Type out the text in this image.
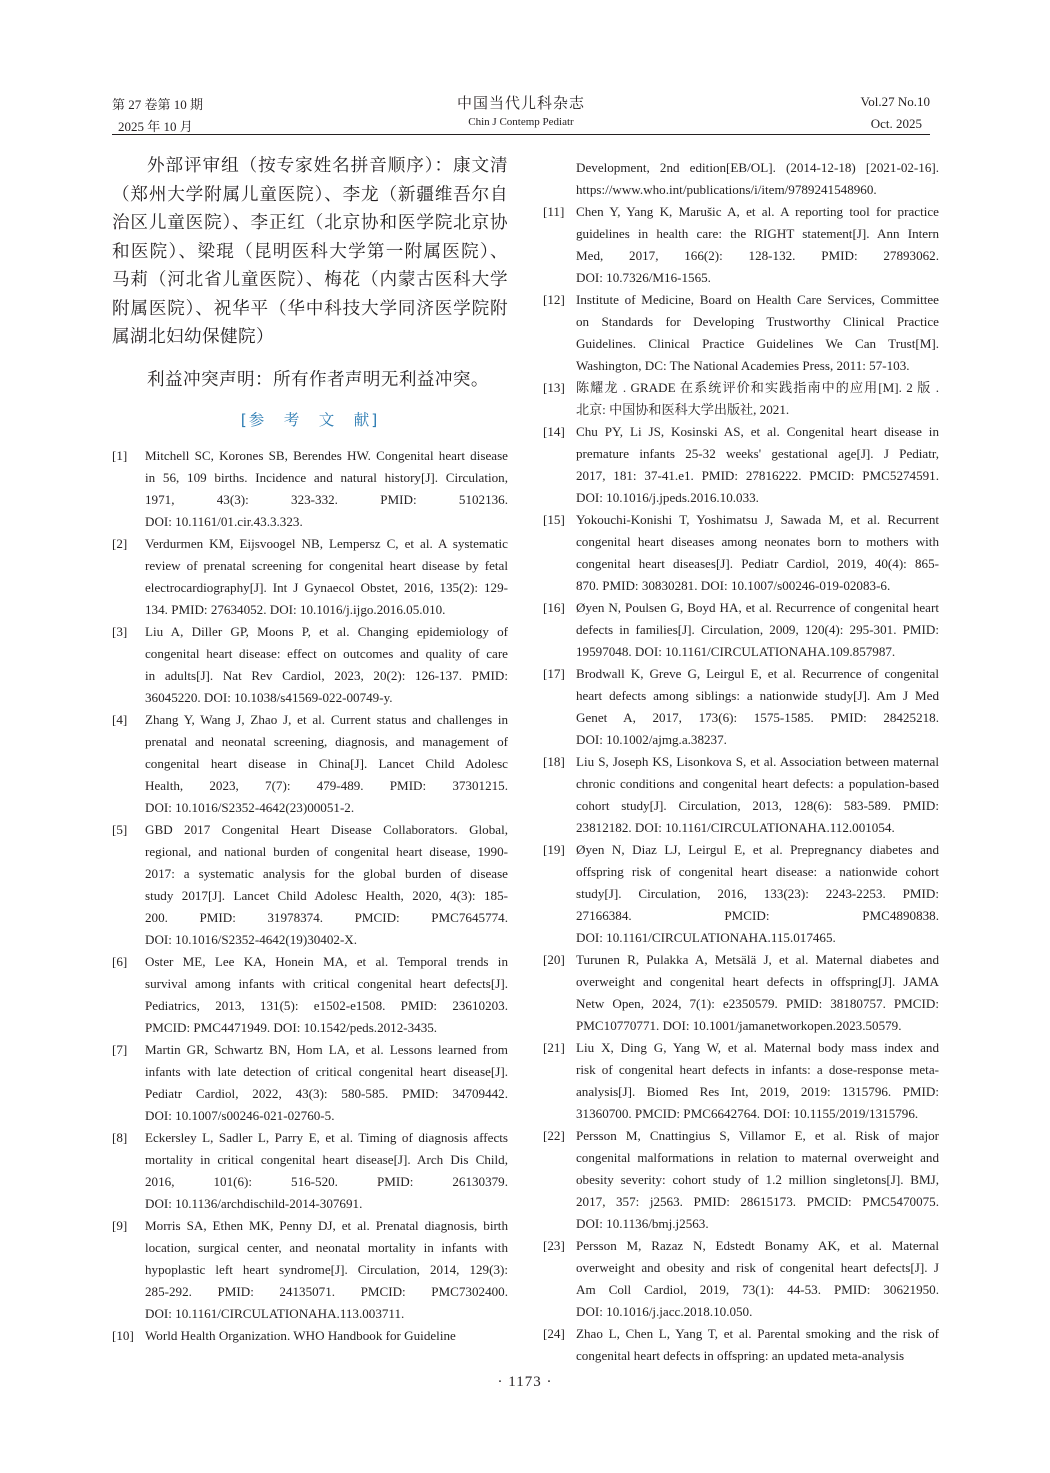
第 27 卷第 10 期
2025 年 10 月
中国当代儿科杂志
Chin J Contemp Pediatr
Vol.27 No.10
Oct. 2025

外部评审组（按专家姓名拼音顺序）：康文清（郑州大学附属儿童医院）、李龙（新疆维吾尔自治区儿童医院）、李正红（北京协和医学院北京协和医院）、梁琨（昆明医科大学第一附属医院）、马莉（河北省儿童医院）、梅花（内蒙古医科大学附属医院）、祝华平（华中科技大学同济医学院附属湖北妇幼保健院）

利益冲突声明：所有作者声明无利益冲突。

[参　考　文　献]
[1]	Mitchell SC, Korones SB, Berendes HW. Congenital heart disease
in 56, 109 births. Incidence and natural history[J]. Circulation,
1971, 43(3): 323-332. PMID: 5102136.
DOI: 10.1161/01.cir.43.3.323.
[2]	Verdurmen KM, Eijsvoogel NB, Lempersz C, et al. A systematic
review of prenatal screening for congenital heart disease by fetal
electrocardiography[J]. Int J Gynaecol Obstet, 2016, 135(2): 129-
134. PMID: 27634052. DOI: 10.1016/j.ijgo.2016.05.010.
[3]	Liu A, Diller GP, Moons P, et al. Changing epidemiology of
congenital heart disease: effect on outcomes and quality of care
in adults[J]. Nat Rev Cardiol, 2023, 20(2): 126-137. PMID:
36045220. DOI: 10.1038/s41569-022-00749-y.
[4]	Zhang Y, Wang J, Zhao J, et al. Current status and challenges in
prenatal and neonatal screening, diagnosis, and management of
congenital heart disease in China[J]. Lancet Child Adolesc
Health, 2023, 7(7): 479-489. PMID: 37301215.
DOI: 10.1016/S2352-4642(23)00051-2.
[5]	GBD 2017 Congenital Heart Disease Collaborators. Global,
regional, and national burden of congenital heart disease, 1990-
2017: a systematic analysis for the global burden of disease
study 2017[J]. Lancet Child Adolesc Health, 2020, 4(3): 185-
200. PMID: 31978374. PMCID: PMC7645774.
DOI: 10.1016/S2352-4642(19)30402-X.
[6]	Oster ME, Lee KA, Honein MA, et al. Temporal trends in
survival among infants with critical congenital heart defects[J].
Pediatrics, 2013, 131(5): e1502-e1508. PMID: 23610203.
PMCID: PMC4471949. DOI: 10.1542/peds.2012-3435.
[7]	Martin GR, Schwartz BN, Hom LA, et al. Lessons learned from
infants with late detection of critical congenital heart disease[J].
Pediatr Cardiol, 2022, 43(3): 580-585. PMID: 34709442.
DOI: 10.1007/s00246-021-02760-5.
[8]	Eckersley L, Sadler L, Parry E, et al. Timing of diagnosis affects
mortality in critical congenital heart disease[J]. Arch Dis Child,
2016, 101(6): 516-520. PMID: 26130379.
DOI: 10.1136/archdischild-2014-307691.
[9]	Morris SA, Ethen MK, Penny DJ, et al. Prenatal diagnosis, birth
location, surgical center, and neonatal mortality in infants with
hypoplastic left heart syndrome[J]. Circulation, 2014, 129(3):
285-292. PMID: 24135071. PMCID: PMC7302400.
DOI: 10.1161/CIRCULATIONAHA.113.003711.
[10] World Health Organization. WHO Handbook for Guideline
Development, 2nd edition[EB/OL]. (2014-12-18) [2021-02-16].
https://www.who.int/publications/i/item/9789241548960.
[11] Chen Y, Yang K, Marušic A, et al. A reporting tool for practice
guidelines in health care: the RIGHT statement[J]. Ann Intern
Med, 2017, 166(2): 128-132. PMID: 27893062.
DOI: 10.7326/M16-1565.
[12] Institute of Medicine, Board on Health Care Services, Committee
on Standards for Developing Trustworthy Clinical Practice
Guidelines. Clinical Practice Guidelines We Can Trust[M].
Washington, DC: The National Academies Press, 2011: 57-103.
[13] 陈耀龙 . GRADE 在系统评价和实践指南中的应用[M]. 2 版 .
北京: 中国协和医科大学出版社, 2021.
[14] Chu PY, Li JS, Kosinski AS, et al. Congenital heart disease in
premature infants 25-32 weeks' gestational age[J]. J Pediatr,
2017, 181: 37-41.e1. PMID: 27816222. PMCID: PMC5274591.
DOI: 10.1016/j.jpeds.2016.10.033.
[15] Yokouchi-Konishi T, Yoshimatsu J, Sawada M, et al. Recurrent
congenital heart diseases among neonates born to mothers with
congenital heart diseases[J]. Pediatr Cardiol, 2019, 40(4): 865-
870. PMID: 30830281. DOI: 10.1007/s00246-019-02083-6.
[16] Øyen N, Poulsen G, Boyd HA, et al. Recurrence of congenital heart
defects in families[J]. Circulation, 2009, 120(4): 295-301. PMID:
19597048. DOI: 10.1161/CIRCULATIONAHA.109.857987.
[17] Brodwall K, Greve G, Leirgul E, et al. Recurrence of congenital
heart defects among siblings: a nationwide study[J]. Am J Med
Genet A, 2017, 173(6): 1575-1585. PMID: 28425218.
DOI: 10.1002/ajmg.a.38237.
[18] Liu S, Joseph KS, Lisonkova S, et al. Association between maternal
chronic conditions and congenital heart defects: a population-based
cohort study[J]. Circulation, 2013, 128(6): 583-589. PMID:
23812182. DOI: 10.1161/CIRCULATIONAHA.112.001054.
[19] Øyen N, Diaz LJ, Leirgul E, et al. Prepregnancy diabetes and
offspring risk of congenital heart disease: a nationwide cohort
study[J]. Circulation, 2016, 133(23): 2243-2253. PMID:
27166384. PMCID: PMC4890838.
DOI: 10.1161/CIRCULATIONAHA.115.017465.
[20] Turunen R, Pulakka A, Metsälä J, et al. Maternal diabetes and
overweight and congenital heart defects in offspring[J]. JAMA
Netw Open, 2024, 7(1): e2350579. PMID: 38180757. PMCID:
PMC10770771. DOI: 10.1001/jamanetworkopen.2023.50579.
[21] Liu X, Ding G, Yang W, et al. Maternal body mass index and
risk of congenital heart defects in infants: a dose-response meta-
analysis[J]. Biomed Res Int, 2019, 2019: 1315796. PMID:
31360700. PMCID: PMC6642764. DOI: 10.1155/2019/1315796.
[22] Persson M, Cnattingius S, Villamor E, et al. Risk of major
congenital malformations in relation to maternal overweight and
obesity severity: cohort study of 1.2 million singletons[J]. BMJ,
2017, 357: j2563. PMID: 28615173. PMCID: PMC5470075.
DOI: 10.1136/bmj.j2563.
[23] Persson M, Razaz N, Edstedt Bonamy AK, et al. Maternal
overweight and obesity and risk of congenital heart defects[J]. J
Am Coll Cardiol, 2019, 73(1): 44-53. PMID: 30621950.
DOI: 10.1016/j.jacc.2018.10.050.
[24] Zhao L, Chen L, Yang T, et al. Parental smoking and the risk of
congenital heart defects in offspring: an updated meta-analysis
· 1173 ·
